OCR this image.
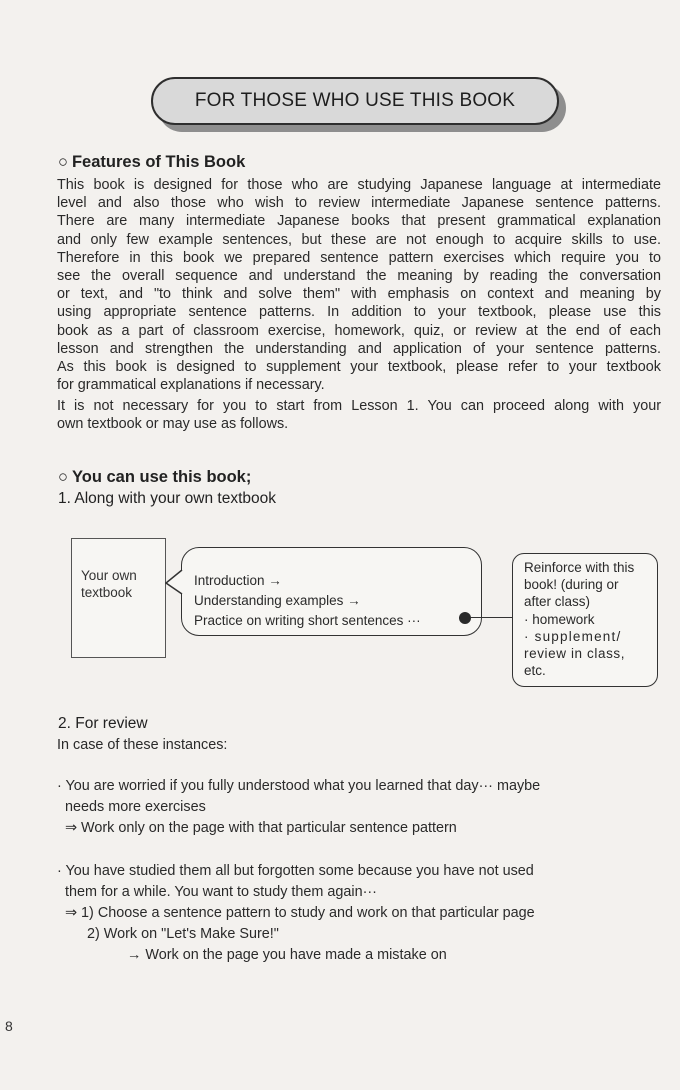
FOR THOSE WHO USE THIS BOOK
○ Features of This Book
This book is designed for those who are studying Japanese language at intermediate
level and also those who wish to review intermediate Japanese sentence patterns.
There are many intermediate Japanese books that present grammatical explanation
and only few example sentences, but these are not enough to acquire skills to use.
Therefore in this book we prepared sentence pattern exercises which require you to
see the overall sequence and understand the meaning by reading the conversation
or text, and "to think and solve them" with emphasis on context and meaning by
using appropriate sentence patterns. In addition to your textbook, please use this
book as a part of classroom exercise, homework, quiz, or review at the end of each
lesson and strengthen the understanding and application of your sentence patterns.
As this book is designed to supplement your textbook, please refer to your textbook
for grammatical explanations if necessary.
It is not necessary for you to start from Lesson 1. You can proceed along with your
own textbook or may use as follows.
○ You can use this book;
1. Along with your own textbook
Your own
textbook
Introduction →
Understanding examples →
Practice on writing short sentences ···
Reinforce with this
book! (during or
after class)
· homework
· supplement/
review in class,
etc.
2. For review
In case of these instances:
· You are worried if you fully understood what you learned that day··· maybe
needs more exercises
⇒ Work only on the page with that particular sentence pattern
· You have studied them all but forgotten some because you have not used
them for a while. You want to study them again···
⇒ 1) Choose a sentence pattern to study and work on that particular page
2) Work on "Let's Make Sure!"
→ Work on the page you have made a mistake on
8
